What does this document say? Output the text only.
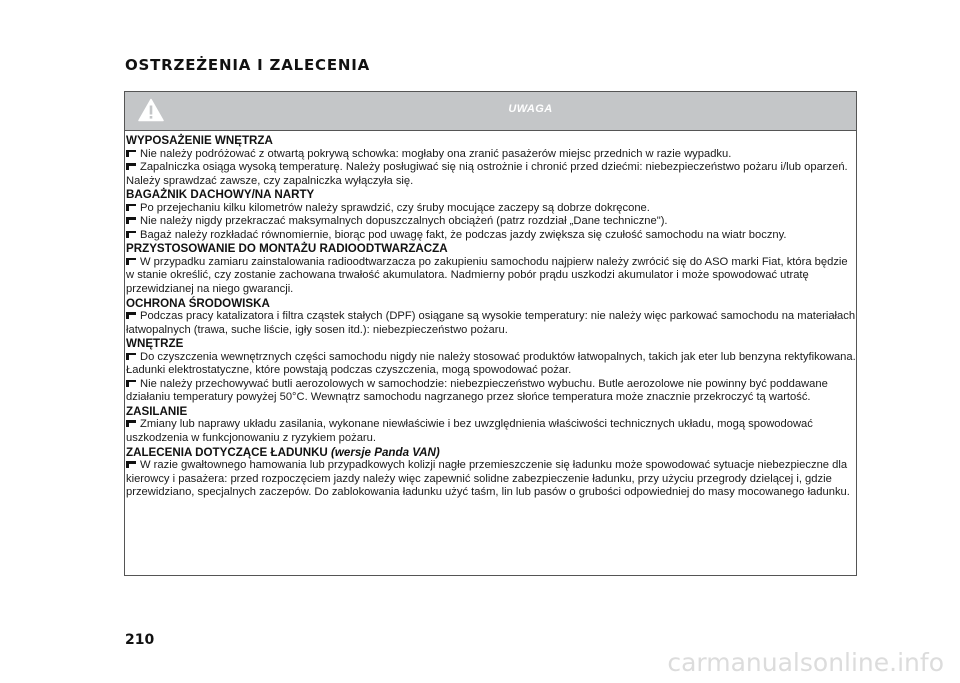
OSTRZEŻENIA I ZALECENIA
UWAGA
WYPOSAŻENIE WNĘTRZA
Nie należy podróżować z otwartą pokrywą schowka: mogłaby ona zranić pasażerów miejsc przednich w razie wypadku.
Zapalniczka osiąga wysoką temperaturę. Należy posługiwać się nią ostrożnie i chronić przed dziećmi: niebezpieczeństwo pożaru i/lub oparzeń. Należy sprawdzać zawsze, czy zapalniczka wyłączyła się.
BAGAŻNIK DACHOWY/NA NARTY
Po przejechaniu kilku kilometrów należy sprawdzić, czy śruby mocujące zaczepy są dobrze dokręcone.
Nie należy nigdy przekraczać maksymalnych dopuszczalnych obciążeń (patrz rozdział „Dane techniczne").
Bagaż należy rozkładać równomiernie, biorąc pod uwagę fakt, że podczas jazdy zwiększa się czułość samochodu na wiatr boczny.
PRZYSTOSOWANIE DO MONTAŻU RADIOODTWARZACZA
W przypadku zamiaru zainstalowania radioodtwarzacza po zakupieniu samochodu najpierw należy zwrócić się do ASO marki Fiat, która będzie w stanie określić, czy zostanie zachowana trwałość akumulatora. Nadmierny pobór prądu uszkodzi akumulator i może spowodować utratę przewidzianej na niego gwarancji.
OCHRONA ŚRODOWISKA
Podczas pracy katalizatora i filtra cząstek stałych (DPF) osiągane są wysokie temperatury: nie należy więc parkować samochodu na materiałach łatwopalnych (trawa, suche liście, igły sosen itd.): niebezpieczeństwo pożaru.
WNĘTRZE
Do czyszczenia wewnętrznych części samochodu nigdy nie należy stosować produktów łatwopalnych, takich jak eter lub benzyna rektyfikowana. Ładunki elektrostatyczne, które powstają podczas czyszczenia, mogą spowodować pożar.
Nie należy przechowywać butli aerozolowych w samochodzie: niebezpieczeństwo wybuchu. Butle aerozolowe nie powinny być poddawane działaniu temperatury powyżej 50°C. Wewnątrz samochodu nagrzanego przez słońce temperatura może znacznie przekroczyć tą wartość.
ZASILANIE
Zmiany lub naprawy układu zasilania, wykonane niewłaściwie i bez uwzględnienia właściwości technicznych układu, mogą spowodować uszkodzenia w funkcjonowaniu z ryzykiem pożaru.
ZALECENIA DOTYCZĄCE ŁADUNKU (wersje Panda VAN)
W razie gwałtownego hamowania lub przypadkowych kolizji nagłe przemieszczenie się ładunku może spowodować sytuacje niebezpieczne dla kierowcy i pasażera: przed rozpoczęciem jazdy należy więc zapewnić solidne zabezpieczenie ładunku, przy użyciu przegrody dzielącej i, gdzie przewidziano, specjalnych zaczepów. Do zablokowania ładunku użyć taśm, lin lub pasów o grubości odpowiedniej do masy mocowanego ładunku.
210
carmanualsonline.info
